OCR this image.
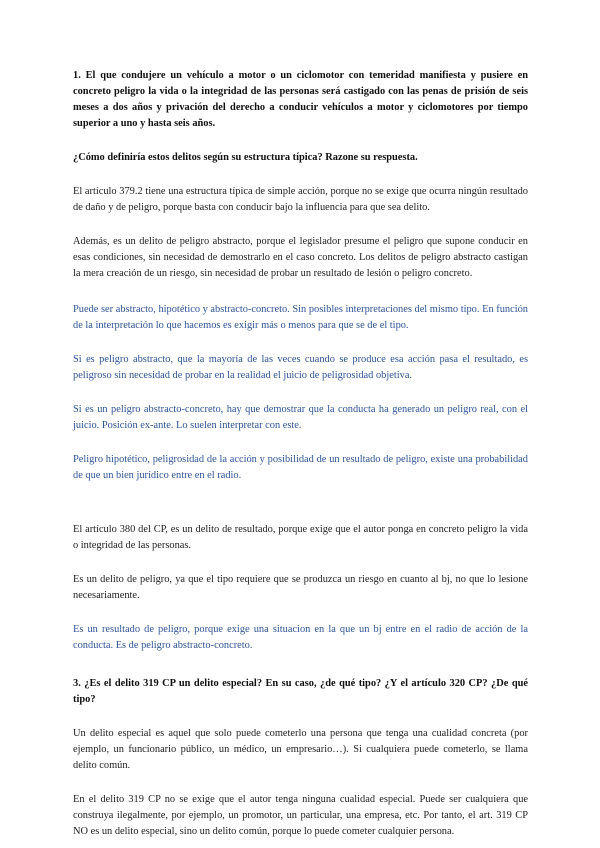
1. El que condujere un vehículo a motor o un ciclomotor con temeridad manifiesta y pusiere en concreto peligro la vida o la integridad de las personas será castigado con las penas de prisión de seis meses a dos años y privación del derecho a conducir vehículos a motor y ciclomotores por tiempo superior a uno y hasta seis años.

¿Cómo definiría estos delitos según su estructura típica? Razone su respuesta.

El artículo 379.2 tiene una estructura típica de simple acción, porque no se exige que ocurra ningún resultado de daño y de peligro, porque basta con conducir bajo la influencia para que sea delito.

Además, es un delito de peligro abstracto, porque el legislador presume el peligro que supone conducir en esas condiciones, sin necesidad de demostrarlo en el caso concreto. Los delitos de peligro abstracto castigan la mera creación de un riesgo, sin necesidad de probar un resultado de lesión o peligro concreto.

Puede ser abstracto, hipotético y abstracto-concreto. Sin posibles interpretaciones del mismo tipo. En función de la interpretación lo que hacemos es exigir más o menos para que se de el tipo.

Si es peligro abstracto, que la mayoría de las veces cuando se produce esa acción pasa el resultado, es peligroso sin necesidad de probar en la realidad el juicio de peligrosidad objetiva.

Si es un peligro abstracto-concreto, hay que demostrar que la conducta ha generado un peligro real, con el juicio. Posición ex-ante. Lo suelen interpretar con este.

Peligro hipotético, peligrosidad de la acción y posibilidad de un resultado de peligro, existe una probabilidad de que un bien jurídico entre en el radio.

El artículo 380 del CP, es un delito de resultado, porque exige que el autor ponga en concreto peligro la vida o integridad de las personas.

Es un delito de peligro, ya que el tipo requiere que se produzca un riesgo en cuanto al bj, no que lo lesione necesariamente.

Es un resultado de peligro, porque exige una situacion en la que un bj entre en el radio de acción de la conducta. Es de peligro abstracto-concreto.

3. ¿Es el delito 319 CP un delito especial? En su caso, ¿de qué tipo? ¿Y el artículo 320 CP? ¿De qué tipo?

Un delito especial es aquel que solo puede cometerlo una persona que tenga una cualidad concreta (por ejemplo, un funcionario público, un médico, un empresario…). Si cualquiera puede cometerlo, se llama delito común.

En el delito 319 CP no se exige que el autor tenga ninguna cualidad especial. Puede ser cualquiera que construya ilegalmente, por ejemplo, un promotor, un particular, una empresa, etc. Por tanto, el art. 319 CP NO es un delito especial, sino un delito común, porque lo puede cometer cualquier persona.
